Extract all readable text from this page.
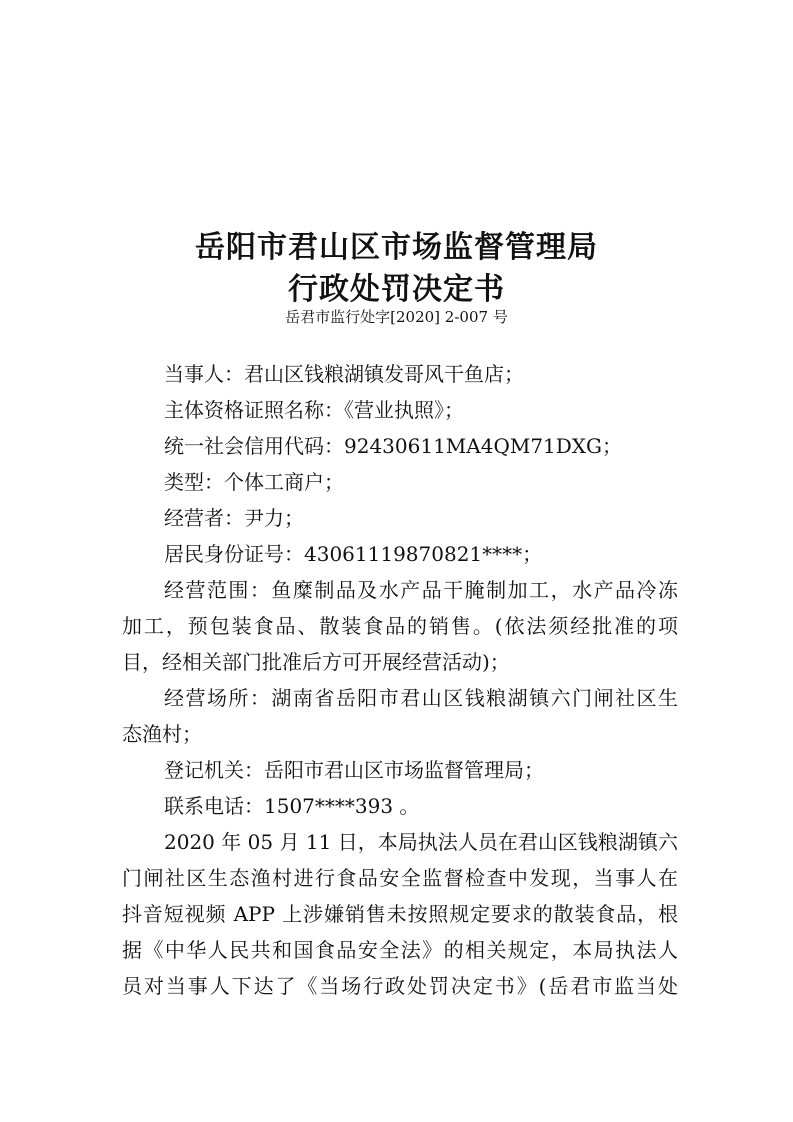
岳阳市君山区市场监督管理局
行政处罚决定书
岳君市监行处字[2020] 2-007 号
当事人：君山区钱粮湖镇发哥风干鱼店；
主体资格证照名称：《营业执照》；
统一社会信用代码：92430611MA4QM71DXG；
类型：个体工商户；
经营者：尹力；
居民身份证号：43061119870821****；
经营范围：鱼糜制品及水产品干腌制加工，水产品冷冻
加工，预包装食品、散装食品的销售。(依法须经批准的项
目，经相关部门批准后方可开展经营活动)；
经营场所：湖南省岳阳市君山区钱粮湖镇六门闸社区生
态渔村；
登记机关：岳阳市君山区市场监督管理局；
联系电话：1507****393 。
2020 年 05 月 11 日，本局执法人员在君山区钱粮湖镇六
门闸社区生态渔村进行食品安全监督检查中发现，当事人在
抖音短视频 APP 上涉嫌销售未按照规定要求的散装食品，根
据《中华人民共和国食品安全法》的相关规定，本局执法人
员对当事人下达了《当场行政处罚决定书》(岳君市监当处
